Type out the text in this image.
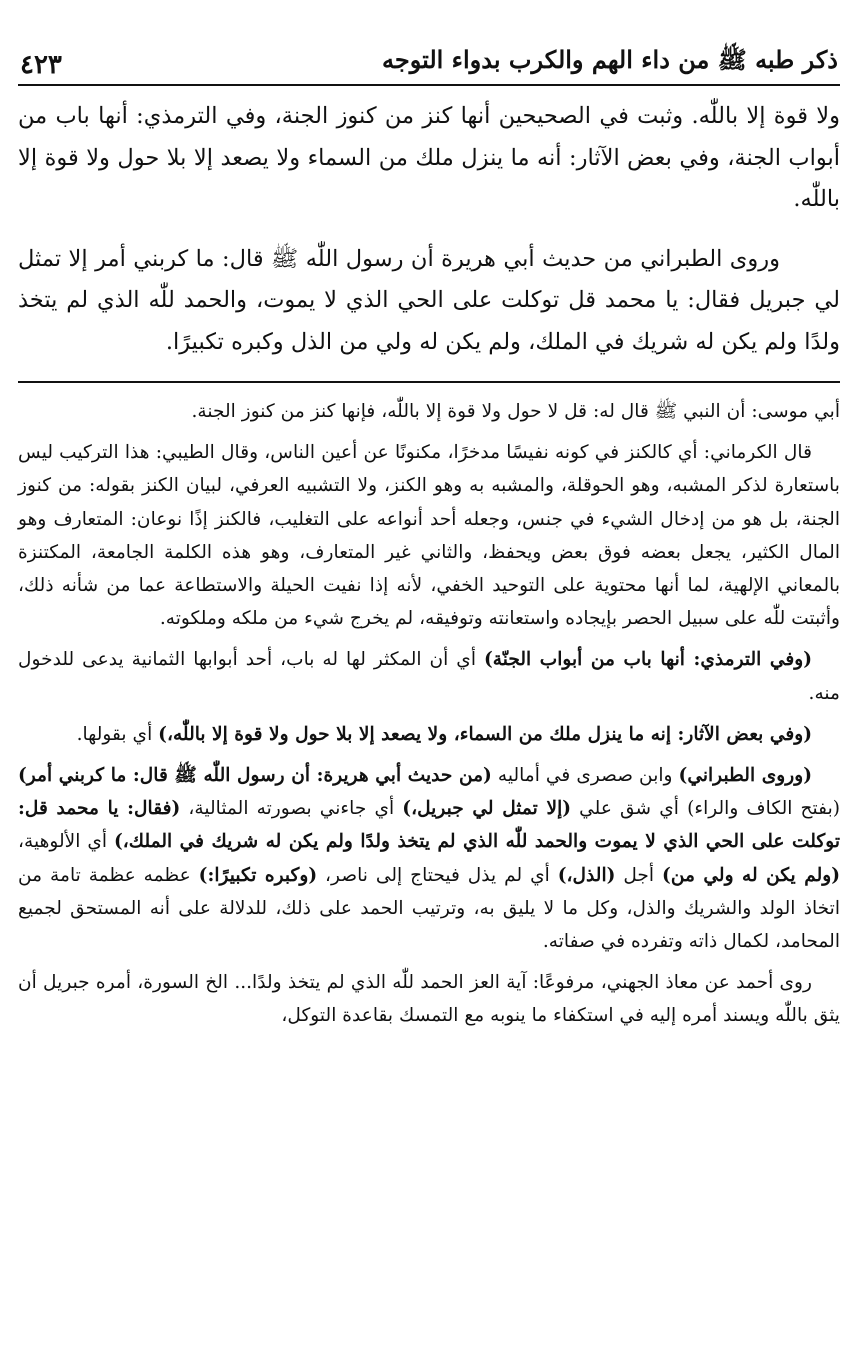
ذكر طبه ﷺ من داء الهم والكرب بدواء التوجه
٤٢٣

ولا قوة إلا باللّٰه. وثبت في الصحيحين أنها كنز من كنوز الجنة، وفي الترمذي: أنها باب من أبواب الجنة، وفي بعض الآثار: أنه ما ينزل ملك من السماء ولا يصعد إلا بلا حول ولا قوة إلا باللّٰه.

وروى الطبراني من حديث أبي هريرة أن رسول اللّٰه ﷺ قال: ما كربني أمر إلا تمثل لي جبريل فقال: يا محمد قل توكلت على الحي الذي لا يموت، والحمد للّٰه الذي لم يتخذ ولدًا ولم يكن له شريك في الملك، ولم يكن له ولي من الذل وكبره تكبيرًا.

أبي موسى: أن النبي ﷺ قال له: قل لا حول ولا قوة إلا باللّٰه، فإنها كنز من كنوز الجنة.

قال الكرماني: أي كالكنز في كونه نفيسًا مدخرًا، مكنونًا عن أعين الناس، وقال الطيبي: هذا التركيب ليس باستعارة لذكر المشبه، وهو الحوقلة، والمشبه به وهو الكنز، ولا التشبيه العرفي، لبيان الكنز بقوله: من كنوز الجنة، بل هو من إدخال الشيء في جنس، وجعله أحد أنواعه على التغليب، فالكنز إذًا نوعان: المتعارف وهو المال الكثير، يجعل بعضه فوق بعض ويحفظ، والثاني غير المتعارف، وهو هذه الكلمة الجامعة، المكتنزة بالمعاني الإلهية، لما أنها محتوية على التوحيد الخفي، لأنه إذا نفيت الحيلة والاستطاعة عما من شأنه ذلك، وأثبتت للّٰه على سبيل الحصر بإيجاده واستعانته وتوفيقه، لم يخرج شيء من ملكه وملكوته.

(وفي الترمذي: أنها باب من أبواب الجنّة) أي أن المكثر لها له باب، أحد أبوابها الثمانية يدعى للدخول منه.

(وفي بعض الآثار: إنه ما ينزل ملك من السماء، ولا يصعد إلا بلا حول ولا قوة إلا باللّٰه،) أي بقولها.

(وروى الطبراني) وابن صصرى في أماليه (من حديث أبي هريرة: أن رسول اللّٰه ﷺ قال: ما كربني أمر) (بفتح الكاف والراء) أي شق علي (إلا تمثل لي جبريل،) أي جاءني بصورته المثالية، (فقال: يا محمد قل: توكلت على الحي الذي لا يموت والحمد للّٰه الذي لم يتخذ ولدًا ولم يكن له شريك في الملك،) أي الألوهية، (ولم يكن له ولي من) أجل (الذل،) أي لم يذل فيحتاج إلى ناصر، (وكبره تكبيرًا:) عظمه عظمة تامة من اتخاذ الولد والشريك والذل، وكل ما لا يليق به، وترتيب الحمد على ذلك، للدلالة على أنه المستحق لجميع المحامد، لكمال ذاته وتفرده في صفاته.

روى أحمد عن معاذ الجهني، مرفوعًا: آية العز الحمد للّٰه الذي لم يتخذ ولدًا... الخ السورة، أمره جبريل أن يثق باللّٰه ويسند أمره إليه في استكفاء ما ينوبه مع التمسك بقاعدة التوكل،
